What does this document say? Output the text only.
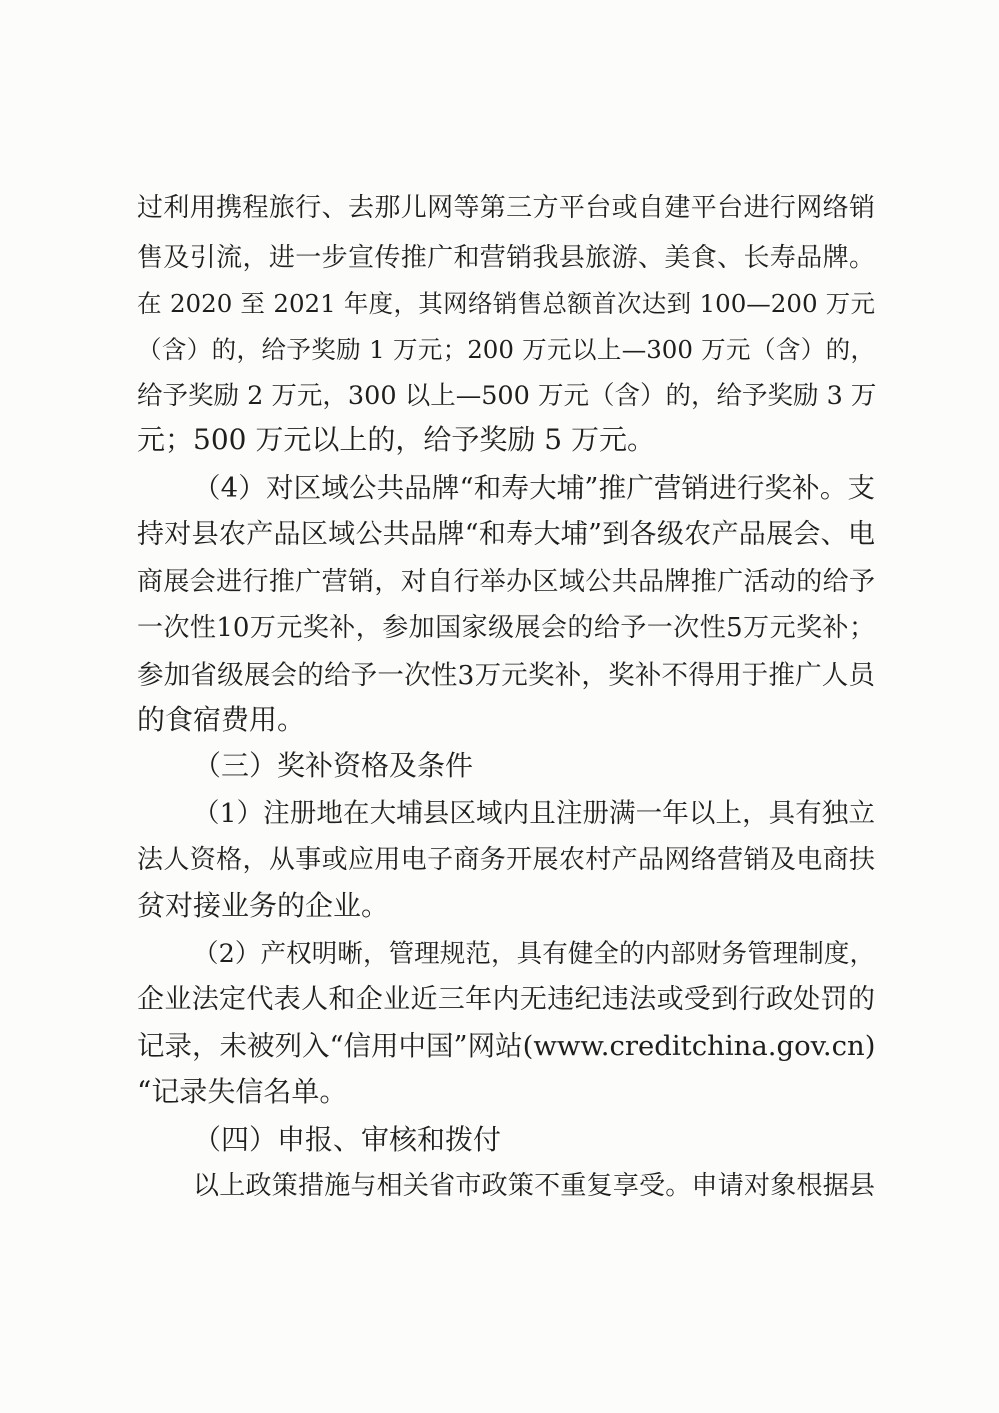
过利用携程旅行、去那儿网等第三方平台或自建平台进行网络销
售及引流，进一步宣传推广和营销我县旅游、美食、长寿品牌。
在 2020 至 2021 年度，其网络销售总额首次达到 100—200 万元
（含）的，给予奖励 1 万元；200 万元以上—300 万元（含）的，
给予奖励 2 万元，300 以上—500 万元（含）的，给予奖励 3 万
元；500 万元以上的，给予奖励 5 万元。
（4）对区域公共品牌“和寿大埔”推广营销进行奖补。支
持对县农产品区域公共品牌“和寿大埔”到各级农产品展会、电
商展会进行推广营销，对自行举办区域公共品牌推广活动的给予
一次性10万元奖补，参加国家级展会的给予一次性5万元奖补；
参加省级展会的给予一次性3万元奖补，奖补不得用于推广人员
的食宿费用。
（三）奖补资格及条件
（1）注册地在大埔县区域内且注册满一年以上，具有独立
法人资格，从事或应用电子商务开展农村产品网络营销及电商扶
贫对接业务的企业。
（2）产权明晰，管理规范，具有健全的内部财务管理制度，
企业法定代表人和企业近三年内无违纪违法或受到行政处罚的
记录，未被列入“信用中国”网站(www.creditchina.gov.cn)
“记录失信名单。
（四）申报、审核和拨付
以上政策措施与相关省市政策不重复享受。申请对象根据县
